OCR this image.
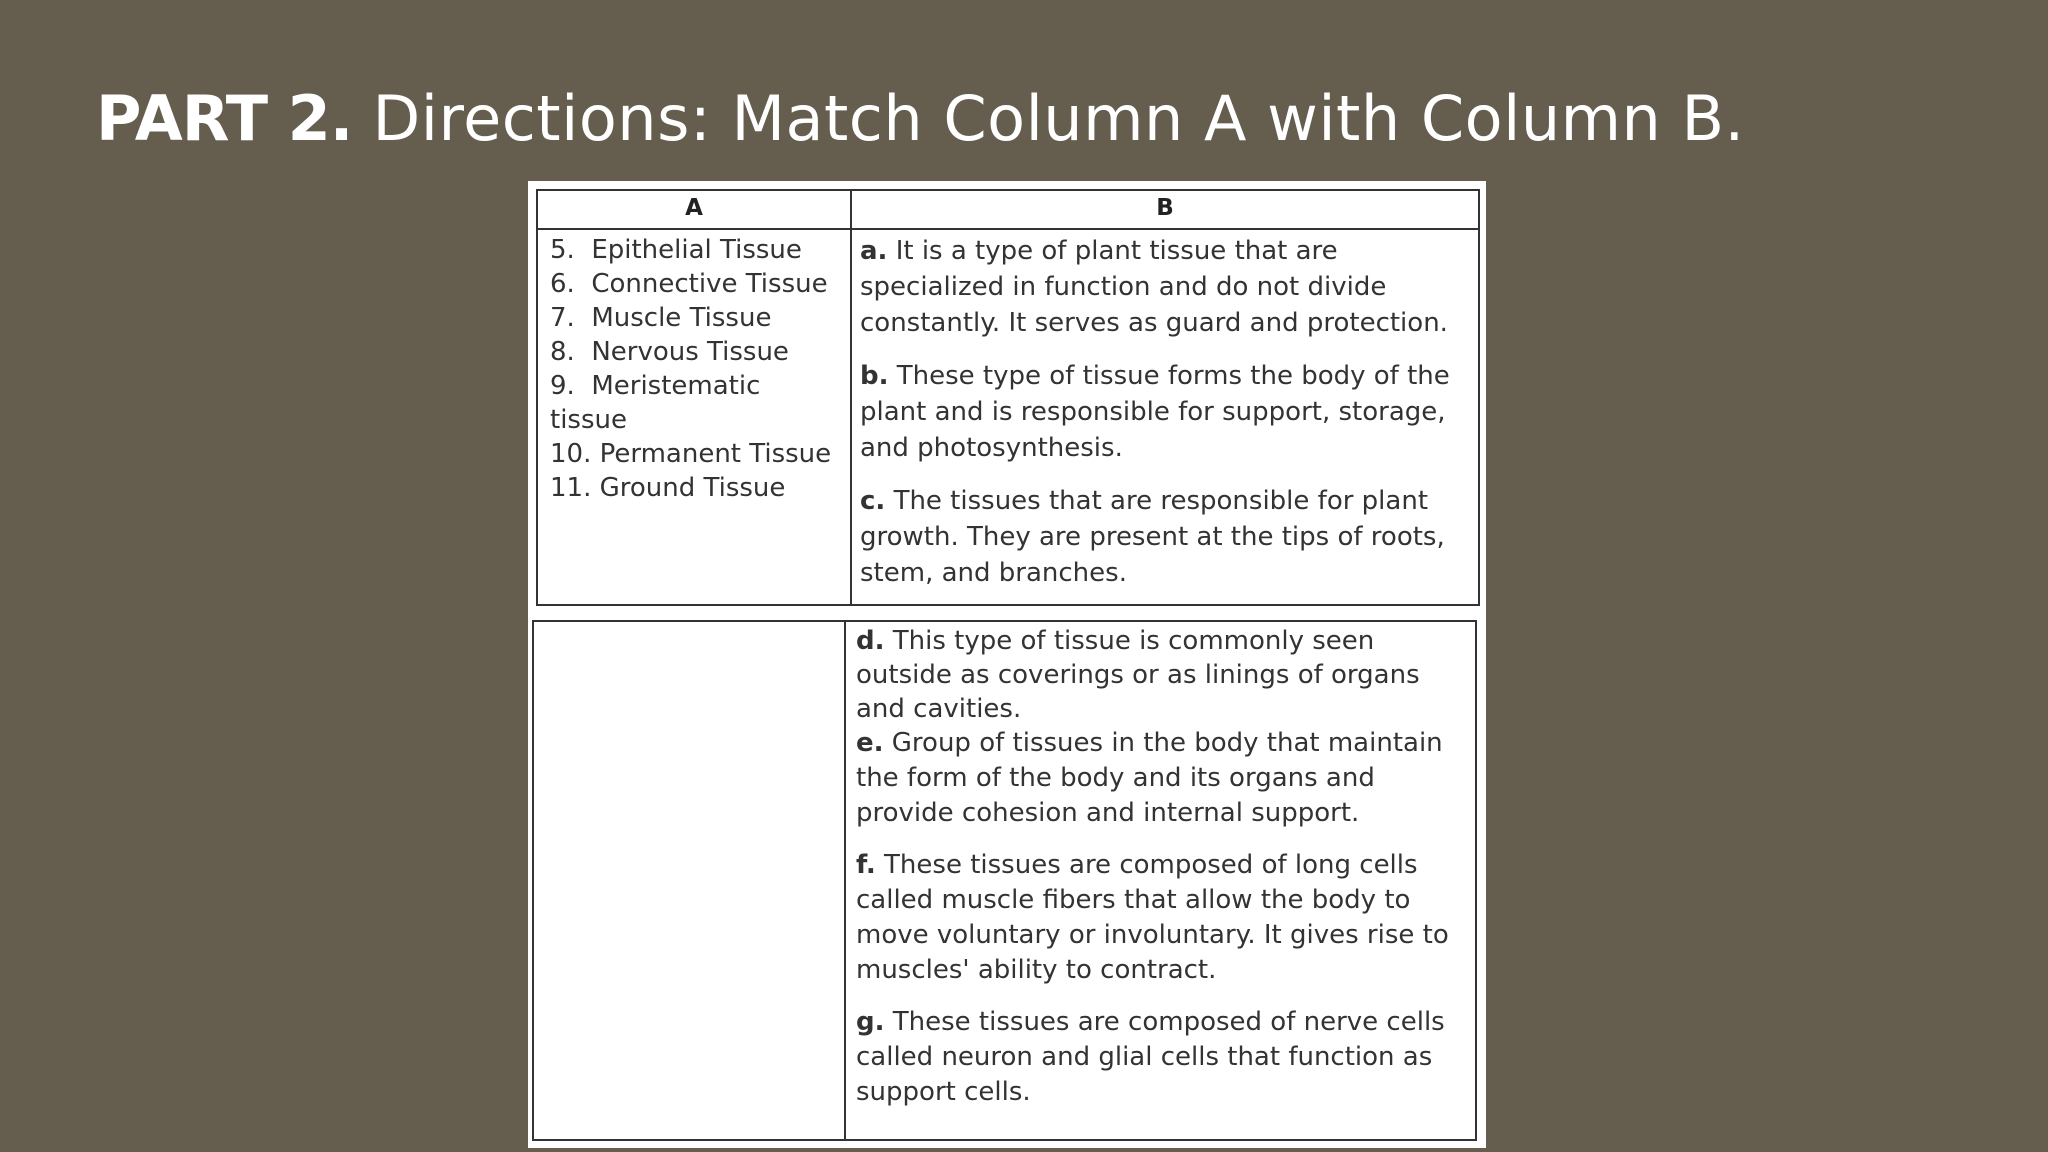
PART 2. Directions: Match Column A with Column B.
A	B
5.  Epithelial Tissue
6.  Connective Tissue
7.  Muscle Tissue
8.  Nervous Tissue
9.  Meristematic
tissue
10. Permanent Tissue
11. Ground Tissue

a. It is a type of plant tissue that are specialized in function and do not divide constantly. It serves as guard and protection.

b. These type of tissue forms the body of the plant and is responsible for support, storage, and photosynthesis.

c. The tissues that are responsible for plant growth. They are present at the tips of roots, stem, and branches.

d. This type of tissue is commonly seen outside as coverings or as linings of organs and cavities.

e. Group of tissues in the body that maintain the form of the body and its organs and provide cohesion and internal support.

f. These tissues are composed of long cells called muscle fibers that allow the body to move voluntary or involuntary. It gives rise to muscles' ability to contract.

g. These tissues are composed of nerve cells called neuron and glial cells that function as support cells.
